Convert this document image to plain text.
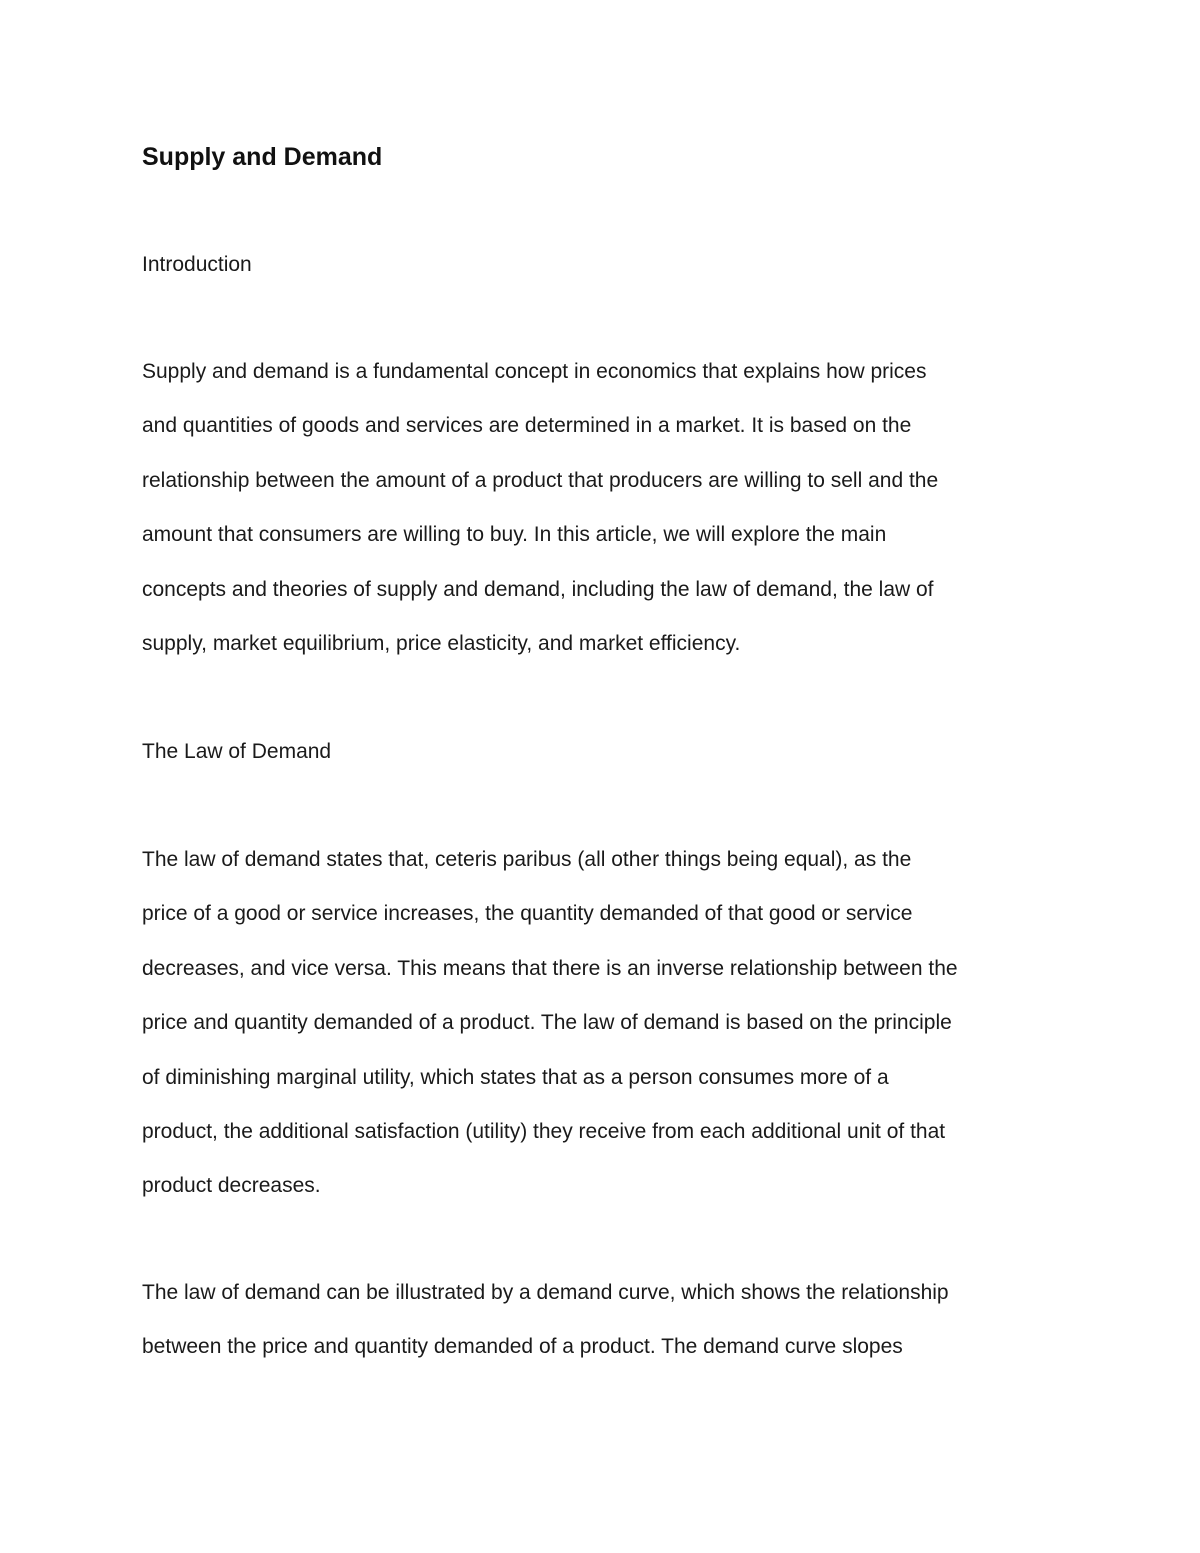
Supply and Demand
Introduction
Supply and demand is a fundamental concept in economics that explains how prices
and quantities of goods and services are determined in a market. It is based on the
relationship between the amount of a product that producers are willing to sell and the
amount that consumers are willing to buy. In this article, we will explore the main
concepts and theories of supply and demand, including the law of demand, the law of
supply, market equilibrium, price elasticity, and market efficiency.
The Law of Demand
The law of demand states that, ceteris paribus (all other things being equal), as the
price of a good or service increases, the quantity demanded of that good or service
decreases, and vice versa. This means that there is an inverse relationship between the
price and quantity demanded of a product. The law of demand is based on the principle
of diminishing marginal utility, which states that as a person consumes more of a
product, the additional satisfaction (utility) they receive from each additional unit of that
product decreases.
The law of demand can be illustrated by a demand curve, which shows the relationship
between the price and quantity demanded of a product. The demand curve slopes
